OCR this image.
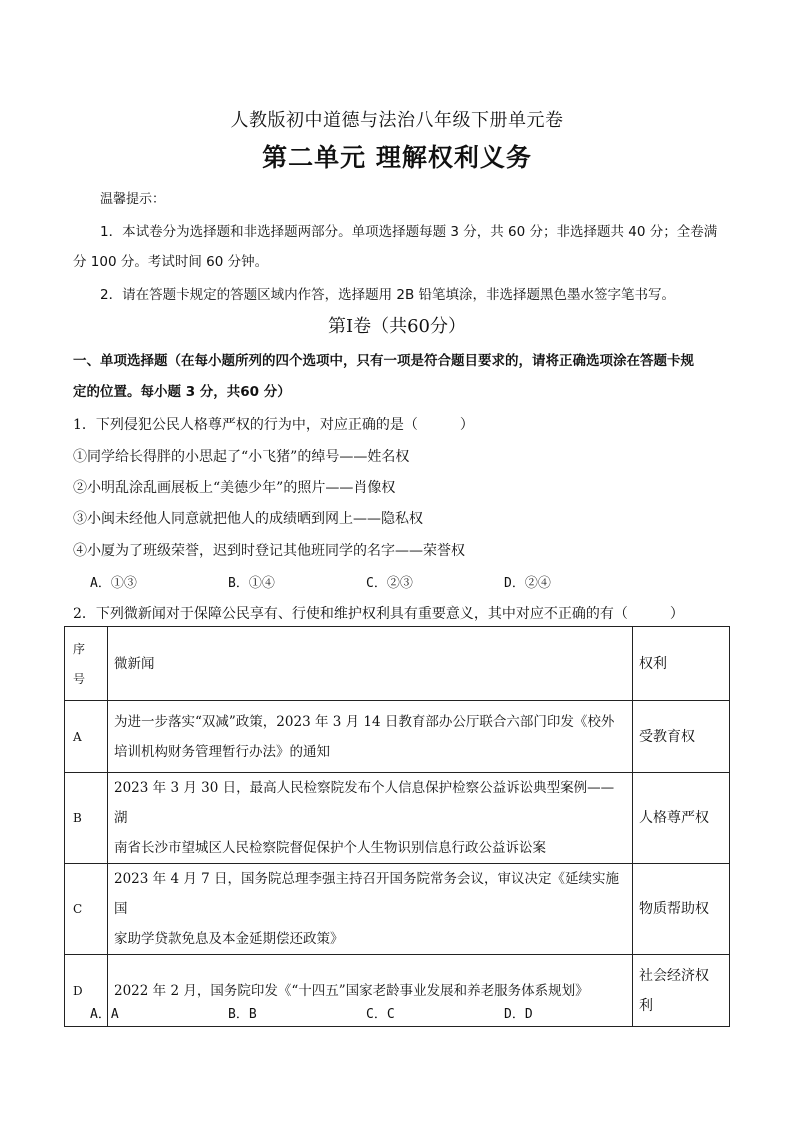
人教版初中道德与法治八年级下册单元卷
第二单元 理解权利义务
温馨提示：
1．本试卷分为选择题和非选择题两部分。单项选择题每题 3 分，共 60 分；非选择题共 40 分；全卷满
分 100 分。考试时间 60 分钟。
2．请在答题卡规定的答题区域内作答，选择题用 2B 铅笔填涂，非选择题黑色墨水签字笔书写。
第Ⅰ卷（共60分）
一、单项选择题（在每小题所列的四个选项中，只有一项是符合题目要求的，请将正确选项涂在答题卡规
定的位置。每小题 3 分，共60 分）
1．下列侵犯公民人格尊严权的行为中，对应正确的是（　　　）
①同学给长得胖的小思起了“小飞猪”的绰号——姓名权
②小明乱涂乱画展板上“美德少年”的照片——肖像权
③小闽未经他人同意就把他人的成绩晒到网上——隐私权
④小厦为了班级荣誉，迟到时登记其他班同学的名字——荣誉权
A．①③	B．①④	C．②③	D．②④
2．下列微新闻对于保障公民享有、行使和维护权利具有重要意义，其中对应不正确的有（　　　）
序
号	微新闻	权利
A	为进一步落实“双减”政策，2023 年 3 月 14 日教育部办公厅联合六部门印发《校外
培训机构财务管理暂行办法》的通知	受教育权

B	2023 年 3 月 30 日，最高人民检察院发布个人信息保护检察公益诉讼典型案例——湖
南省长沙市望城区人民检察院督促保护个人生物识别信息行政公益诉讼案	人格尊严权

C	2023 年 4 月 7 日，国务院总理李强主持召开国务院常务会议，审议决定《延续实施国
家助学贷款免息及本金延期偿还政策》	物质帮助权

D	2022 年 2 月，国务院印发《“十四五”国家老龄事业发展和养老服务体系规划》	社会经济权
利
A．A	B．B	C．C	D．D
